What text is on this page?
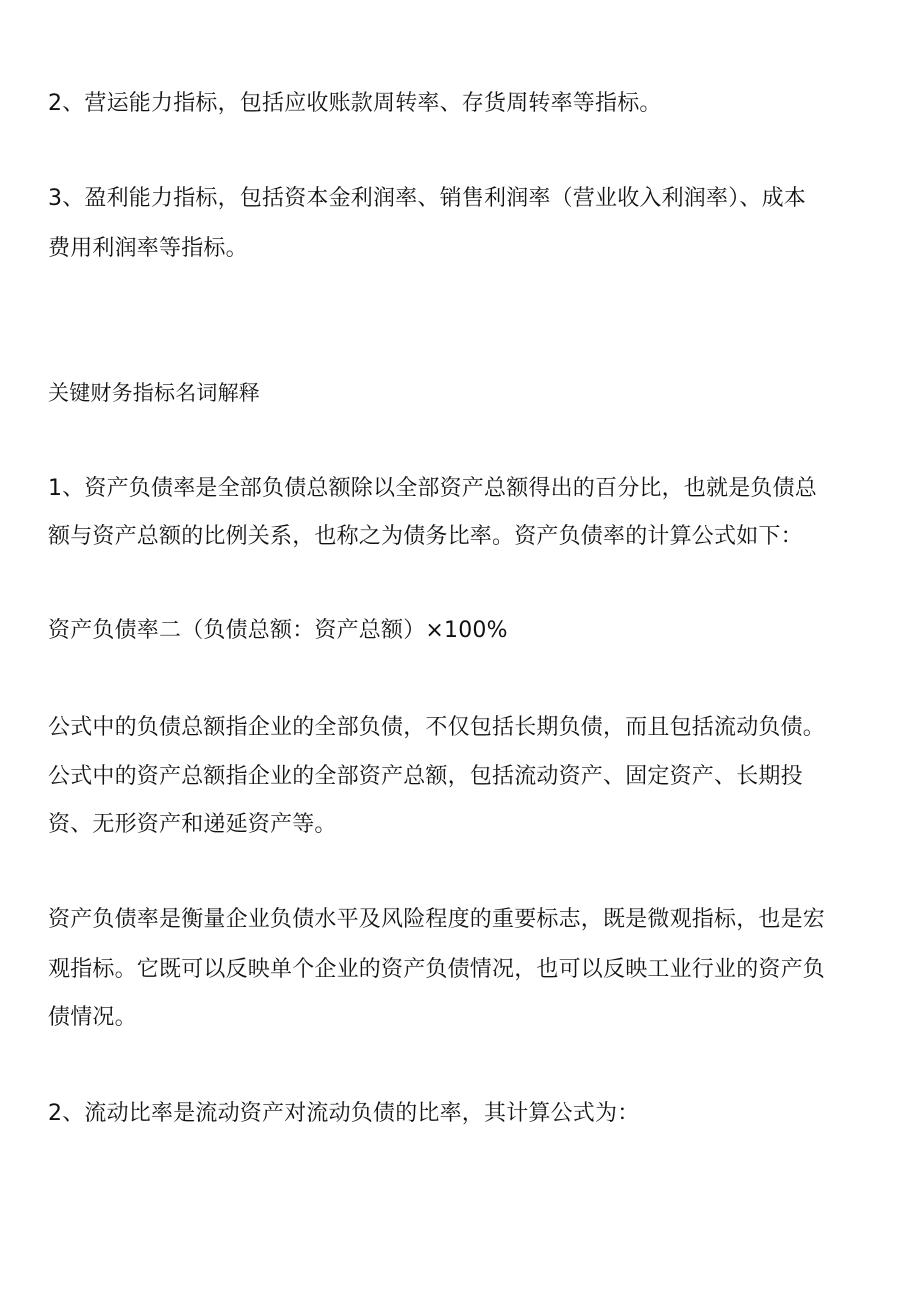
2、营运能力指标，包括应收账款周转率、存货周转率等指标。
3、盈利能力指标，包括资本金利润率、销售利润率（营业收入利润率）、成本
费用利润率等指标。
关键财务指标名词解释
1、资产负债率是全部负债总额除以全部资产总额得出的百分比，也就是负债总
额与资产总额的比例关系，也称之为债务比率。资产负债率的计算公式如下：
资产负债率二（负债总额：资产总额）×100%
公式中的负债总额指企业的全部负债，不仅包括长期负债，而且包括流动负债。
公式中的资产总额指企业的全部资产总额，包括流动资产、固定资产、长期投
资、无形资产和递延资产等。
资产负债率是衡量企业负债水平及风险程度的重要标志，既是微观指标，也是宏
观指标。它既可以反映单个企业的资产负债情况，也可以反映工业行业的资产负
债情况。
2、流动比率是流动资产对流动负债的比率，其计算公式为：
